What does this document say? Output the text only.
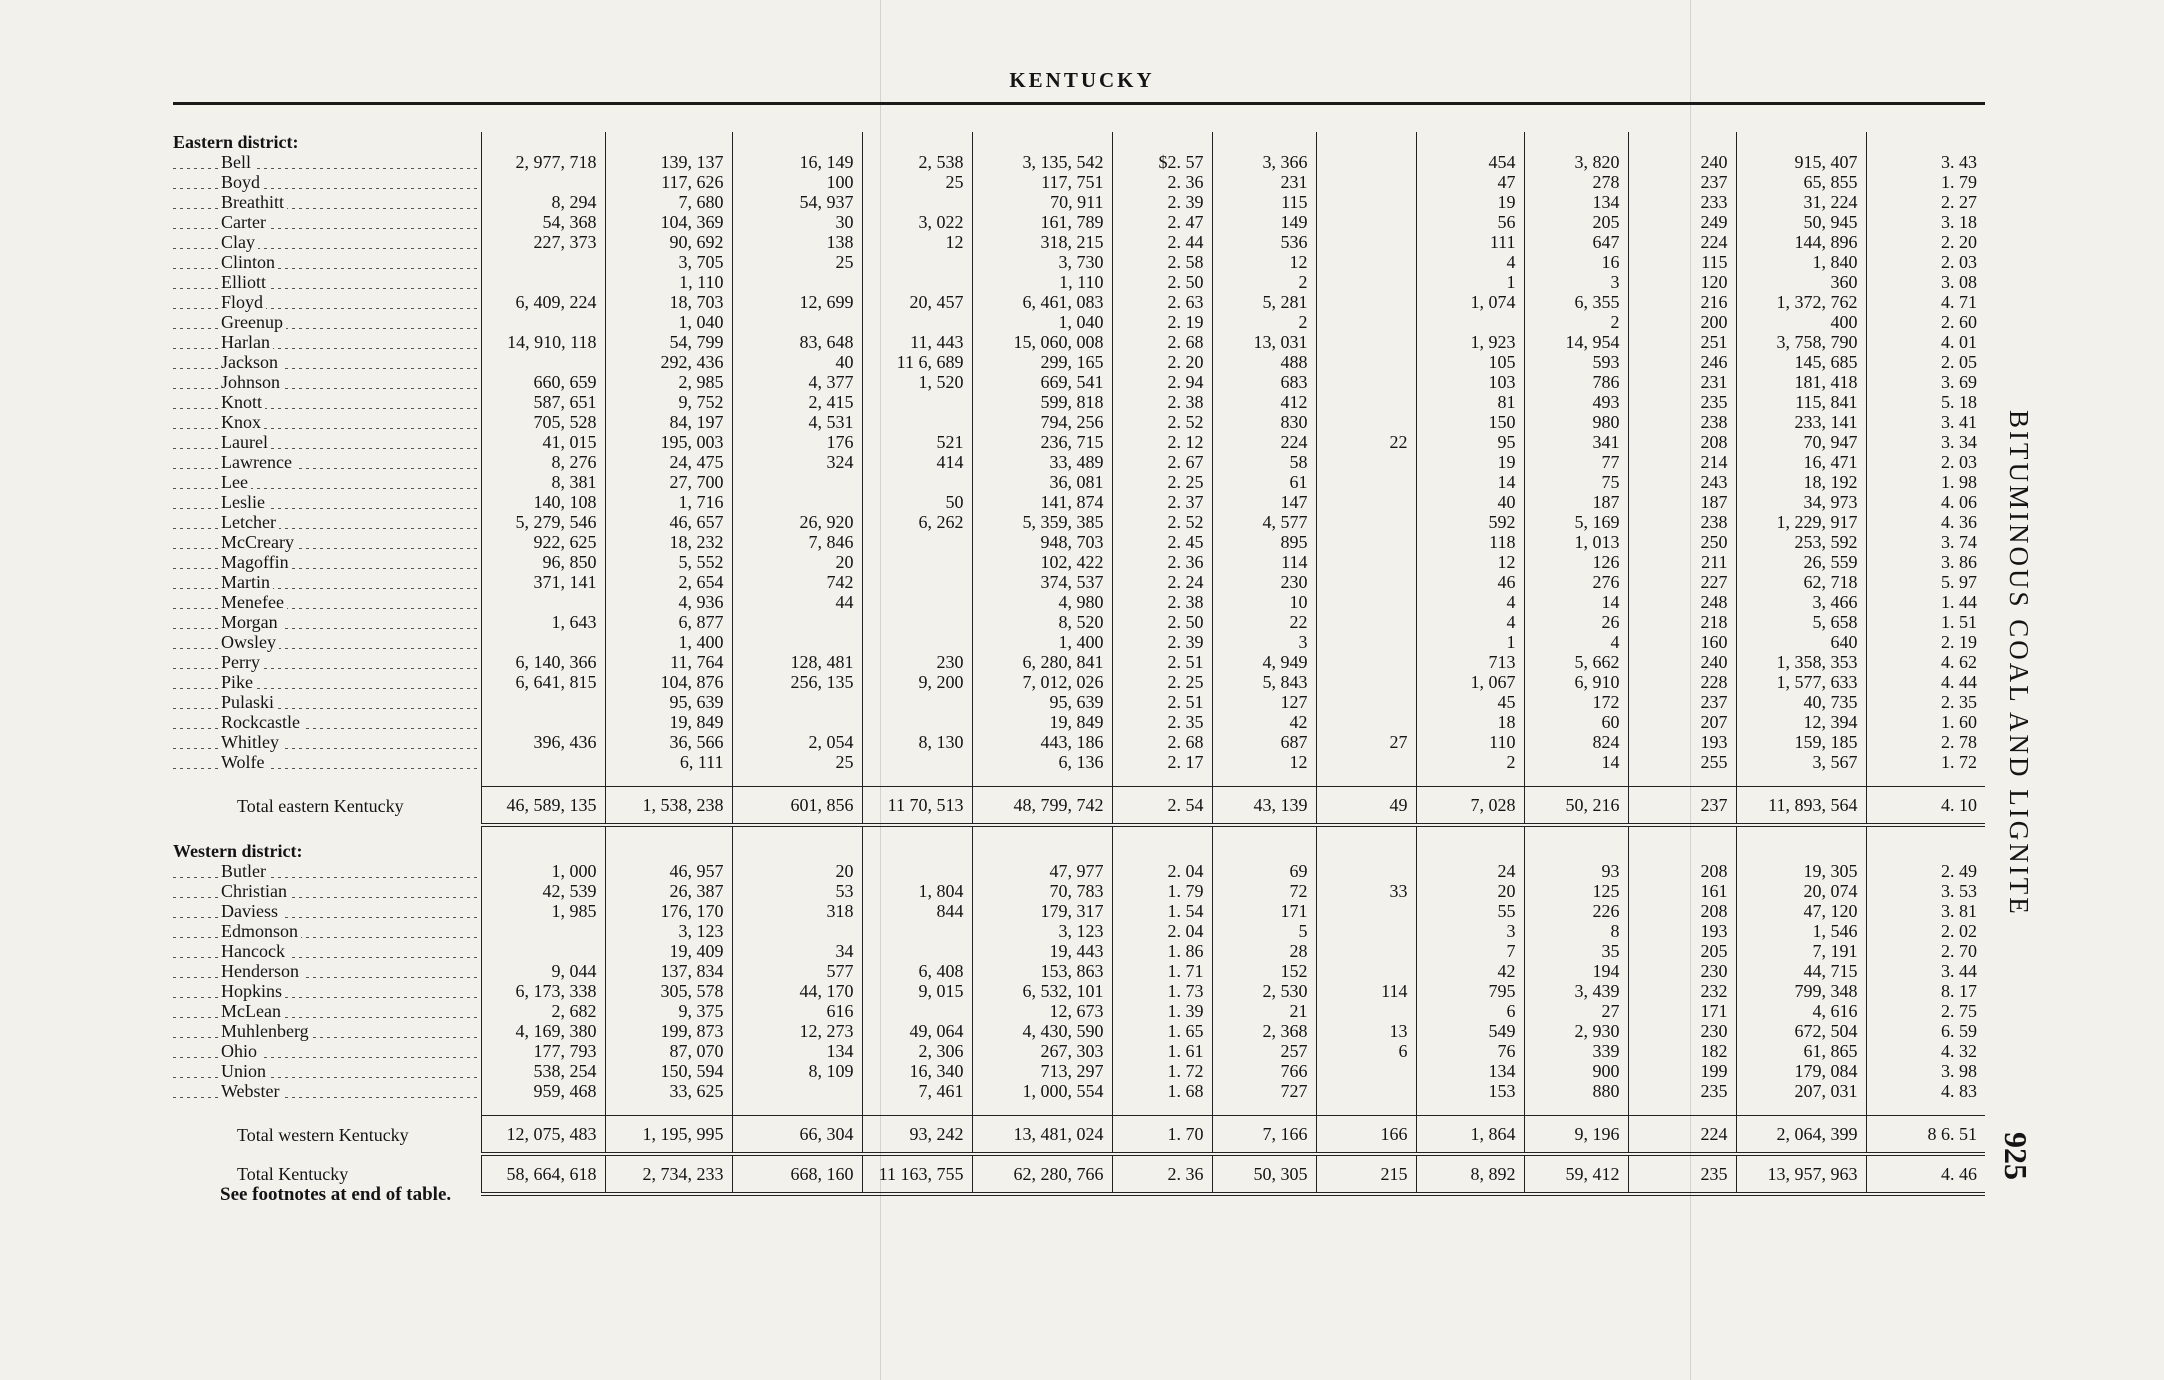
KENTUCKY
Eastern district:													
Bell	2, 977, 718	139, 137	16, 149	2, 538	3, 135, 542	$2. 57	3, 366		454	3, 820	240	915, 407	3. 43
Boyd		117, 626	100	25	117, 751	2. 36	231		47	278	237	65, 855	1. 79
Breathitt	8, 294	7, 680	54, 937		70, 911	2. 39	115		19	134	233	31, 224	2. 27
Carter	54, 368	104, 369	30	3, 022	161, 789	2. 47	149		56	205	249	50, 945	3. 18
Clay	227, 373	90, 692	138	12	318, 215	2. 44	536		111	647	224	144, 896	2. 20
Clinton		3, 705	25		3, 730	2. 58	12		4	16	115	1, 840	2. 03
Elliott		1, 110			1, 110	2. 50	2		1	3	120	360	3. 08
Floyd	6, 409, 224	18, 703	12, 699	20, 457	6, 461, 083	2. 63	5, 281		1, 074	6, 355	216	1, 372, 762	4. 71
Greenup		1, 040			1, 040	2. 19	2			2	200	400	2. 60
Harlan	14, 910, 118	54, 799	83, 648	11, 443	15, 060, 008	2. 68	13, 031		1, 923	14, 954	251	3, 758, 790	4. 01
Jackson		292, 436	40	11 6, 689	299, 165	2. 20	488		105	593	246	145, 685	2. 05
Johnson	660, 659	2, 985	4, 377	1, 520	669, 541	2. 94	683		103	786	231	181, 418	3. 69
Knott	587, 651	9, 752	2, 415		599, 818	2. 38	412		81	493	235	115, 841	5. 18
Knox	705, 528	84, 197	4, 531		794, 256	2. 52	830		150	980	238	233, 141	3. 41
Laurel	41, 015	195, 003	176	521	236, 715	2. 12	224	22	95	341	208	70, 947	3. 34
Lawrence	8, 276	24, 475	324	414	33, 489	2. 67	58		19	77	214	16, 471	2. 03
Lee	8, 381	27, 700			36, 081	2. 25	61		14	75	243	18, 192	1. 98
Leslie	140, 108	1, 716		50	141, 874	2. 37	147		40	187	187	34, 973	4. 06
Letcher	5, 279, 546	46, 657	26, 920	6, 262	5, 359, 385	2. 52	4, 577		592	5, 169	238	1, 229, 917	4. 36
McCreary	922, 625	18, 232	7, 846		948, 703	2. 45	895		118	1, 013	250	253, 592	3. 74
Magoffin	96, 850	5, 552	20		102, 422	2. 36	114		12	126	211	26, 559	3. 86
Martin	371, 141	2, 654	742		374, 537	2. 24	230		46	276	227	62, 718	5. 97
Menefee		4, 936	44		4, 980	2. 38	10		4	14	248	3, 466	1. 44
Morgan	1, 643	6, 877			8, 520	2. 50	22		4	26	218	5, 658	1. 51
Owsley		1, 400			1, 400	2. 39	3		1	4	160	640	2. 19
Perry	6, 140, 366	11, 764	128, 481	230	6, 280, 841	2. 51	4, 949		713	5, 662	240	1, 358, 353	4. 62
Pike	6, 641, 815	104, 876	256, 135	9, 200	7, 012, 026	2. 25	5, 843		1, 067	6, 910	228	1, 577, 633	4. 44
Pulaski		95, 639			95, 639	2. 51	127		45	172	237	40, 735	2. 35
Rockcastle		19, 849			19, 849	2. 35	42		18	60	207	12, 394	1. 60
Whitley	396, 436	36, 566	2, 054	8, 130	443, 186	2. 68	687	27	110	824	193	159, 185	2. 78
Wolfe		6, 111	25		6, 136	2. 17	12		2	14	255	3, 567	1. 72

Total eastern Kentucky	46, 589, 135	1, 538, 238	601, 856	11 70, 513	48, 799, 742	2. 54	43, 139	49	7, 028	50, 216	237	11, 893, 564	4. 10

Western district:													
Butler	1, 000	46, 957	20		47, 977	2. 04	69		24	93	208	19, 305	2. 49
Christian	42, 539	26, 387	53	1, 804	70, 783	1. 79	72	33	20	125	161	20, 074	3. 53
Daviess	1, 985	176, 170	318	844	179, 317	1. 54	171		55	226	208	47, 120	3. 81
Edmonson		3, 123			3, 123	2. 04	5		3	8	193	1, 546	2. 02
Hancock		19, 409	34		19, 443	1. 86	28		7	35	205	7, 191	2. 70
Henderson	9, 044	137, 834	577	6, 408	153, 863	1. 71	152		42	194	230	44, 715	3. 44
Hopkins	6, 173, 338	305, 578	44, 170	9, 015	6, 532, 101	1. 73	2, 530	114	795	3, 439	232	799, 348	8. 17
McLean	2, 682	9, 375	616		12, 673	1. 39	21		6	27	171	4, 616	2. 75
Muhlenberg	4, 169, 380	199, 873	12, 273	49, 064	4, 430, 590	1. 65	2, 368	13	549	2, 930	230	672, 504	6. 59
Ohio	177, 793	87, 070	134	2, 306	267, 303	1. 61	257	6	76	339	182	61, 865	4. 32
Union	538, 254	150, 594	8, 109	16, 340	713, 297	1. 72	766		134	900	199	179, 084	3. 98
Webster	959, 468	33, 625		7, 461	1, 000, 554	1. 68	727		153	880	235	207, 031	4. 83

Total western Kentucky	12, 075, 483	1, 195, 995	66, 304	93, 242	13, 481, 024	1. 70	7, 166	166	1, 864	9, 196	224	2, 064, 399	8 6. 51
Total Kentucky	58, 664, 618	2, 734, 233	668, 160	11 163, 755	62, 280, 766	2. 36	50, 305	215	8, 892	59, 412	235	13, 957, 963	4. 46
BITUMINOUS COAL AND LIGNITE
925
See footnotes at end of table.
